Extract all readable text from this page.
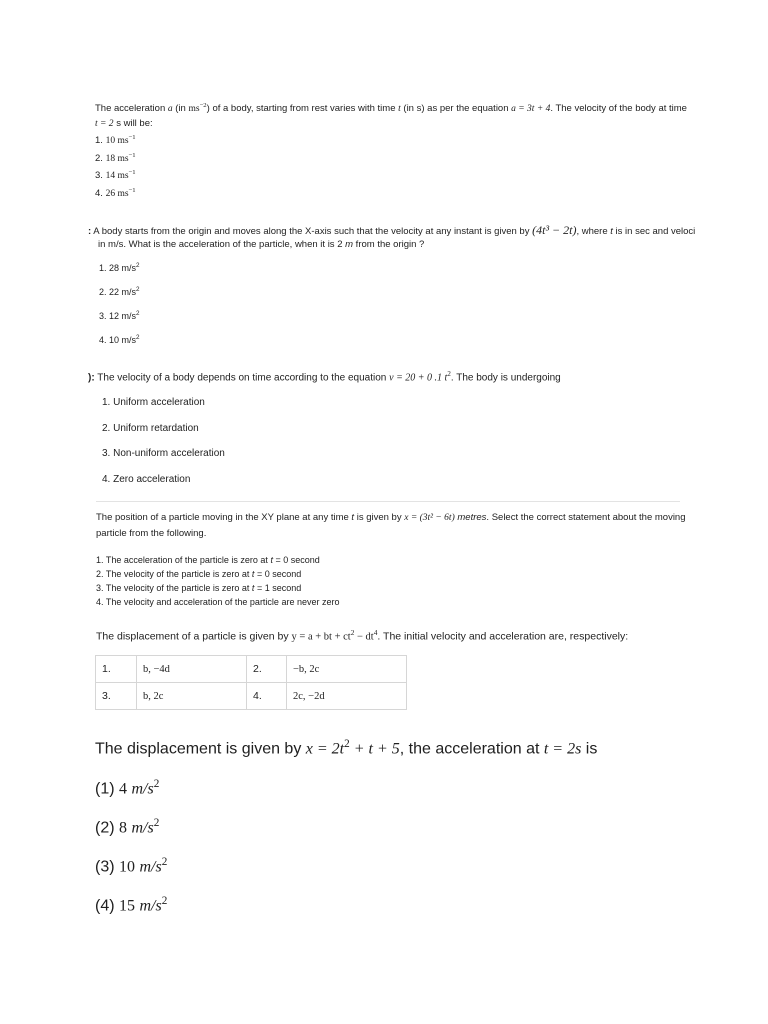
The acceleration a (in $ms^{-2}$) of a body, starting from rest varies with time t (in s) as per the equation a = 3t + 4. The velocity of the body at time
t = 2 s will be:
1. 10 $ms^{-1}$
2. 18 $ms^{-1}$
3. 14 $ms^{-1}$
4. 26 $ms^{-1}$
: A body starts from the origin and moves along the X-axis such that the velocity at any instant is given by (4t³ − 2t), where t is in sec and veloci
in m/s. What is the acceleration of the particle, when it is 2 m from the origin ?
1. 28 $m/s^2$
2. 22 $m/s^2$
3. 12 $m/s^2$
4. 10 $m/s^2$
): The velocity of a body depends on time according to the equation v = 20 + 0 .1 $t^2$. The body is undergoing
1. Uniform acceleration
2. Uniform retardation
3. Non-uniform acceleration
4. Zero acceleration
The position of a particle moving in the XY plane at any time t is given by x = (3t² − 6t) metres. Select the correct statement about the moving
particle from the following.
1. The acceleration of the particle is zero at t = 0 second
2. The velocity of the particle is zero at t = 0 second
3. The velocity of the particle is zero at t = 1 second
4. The velocity and acceleration of the particle are never zero
The displacement of a particle is given by y = a + bt + $ct^2 - dt^4$. The initial velocity and acceleration are, respectively:
1.	b, −4d	2.	−b, 2c
3.	b, 2c	4.	2c, −2d
The displacement is given by $x = 2t^2 + t + 5$, the acceleration at t = 2s is
(1) 4 $m/s^2$
(2) 8 $m/s^2$
(3) 10 $m/s^2$
(4) 15 $m/s^2$
